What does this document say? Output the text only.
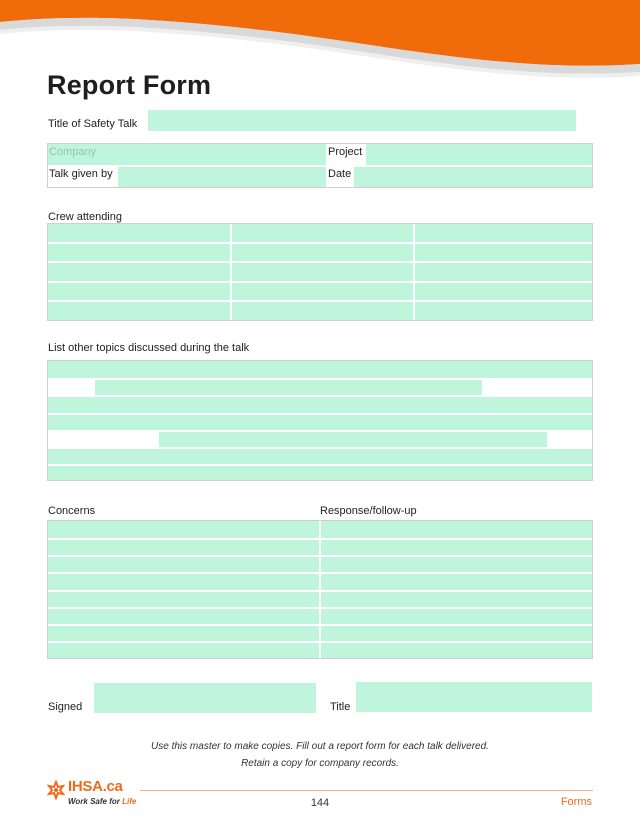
Report Form
Title of Safety Talk
Company	Project
Talk given by	Date
Crew attending
List other topics discussed during the talk
Concerns	Response/follow-up
Signed	Title
Use this master to make copies. Fill out a report form for each talk delivered.
Retain a copy for company records.
IHSA.ca
Work Safe for Life	144	Forms
